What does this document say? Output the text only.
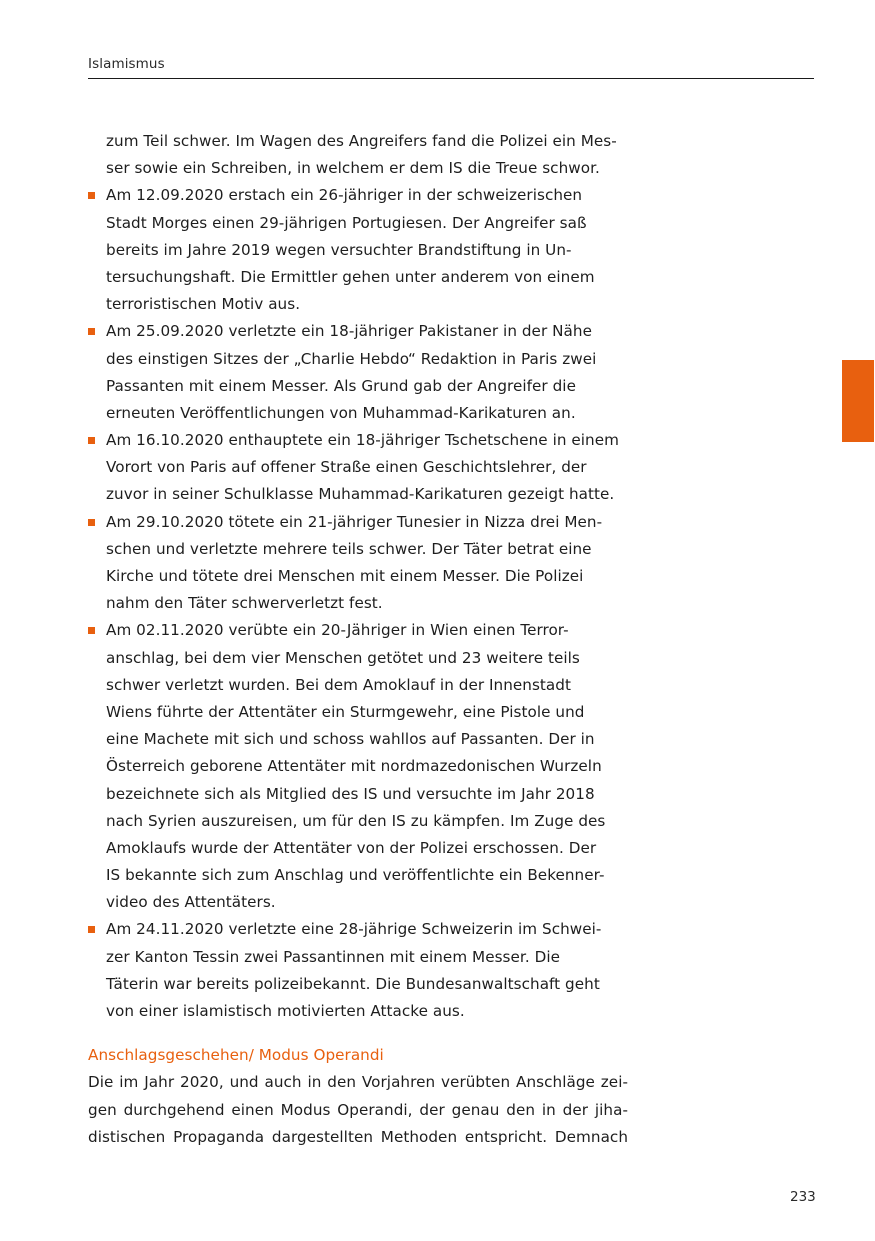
Islamismus
zum Teil schwer. Im Wagen des Angreifers fand die Polizei ein Mes-
ser sowie ein Schreiben, in welchem er dem IS die Treue schwor.
Am 12.09.2020 erstach ein 26-jähriger in der schweizerischen
Stadt Morges einen 29-jährigen Portugiesen. Der Angreifer saß
bereits im Jahre 2019 wegen versuchter Brandstiftung in Un-
tersuchungshaft. Die Ermittler gehen unter anderem von einem
terroristischen Motiv aus.
Am 25.09.2020 verletzte ein 18-jähriger Pakistaner in der Nähe
des einstigen Sitzes der „Charlie Hebdo“ Redaktion in Paris zwei
Passanten mit einem Messer. Als Grund gab der Angreifer die
erneuten Veröffentlichungen von Muhammad-Karikaturen an.
Am 16.10.2020 enthauptete ein 18-jähriger Tschetschene in einem
Vorort von Paris auf offener Straße einen Geschichtslehrer, der
zuvor in seiner Schulklasse Muhammad-Karikaturen gezeigt hatte.
Am 29.10.2020 tötete ein 21-jähriger Tunesier in Nizza drei Men-
schen und verletzte mehrere teils schwer. Der Täter betrat eine
Kirche und tötete drei Menschen mit einem Messer. Die Polizei
nahm den Täter schwerverletzt fest.
Am 02.11.2020 verübte ein 20-Jähriger in Wien einen Terror-
anschlag, bei dem vier Menschen getötet und 23 weitere teils
schwer verletzt wurden. Bei dem Amoklauf in der Innenstadt
Wiens führte der Attentäter ein Sturmgewehr, eine Pistole und
eine Machete mit sich und schoss wahllos auf Passanten. Der in
Österreich geborene Attentäter mit nordmazedonischen Wurzeln
bezeichnete sich als Mitglied des IS und versuchte im Jahr 2018
nach Syrien auszureisen, um für den IS zu kämpfen. Im Zuge des
Amoklaufs wurde der Attentäter von der Polizei erschossen. Der
IS bekannte sich zum Anschlag und veröffentlichte ein Bekenner-
video des Attentäters.
Am 24.11.2020 verletzte eine 28-jährige Schweizerin im Schwei-
zer Kanton Tessin zwei Passantinnen mit einem Messer. Die
Täterin war bereits polizeibekannt. Die Bundesanwaltschaft geht
von einer islamistisch motivierten Attacke aus.
Anschlagsgeschehen/ Modus Operandi
Die im Jahr 2020, und auch in den Vorjahren verübten Anschläge zei-
gen durchgehend einen Modus Operandi, der genau den in der jiha-
distischen Propaganda dargestellten Methoden entspricht. Demnach
233
